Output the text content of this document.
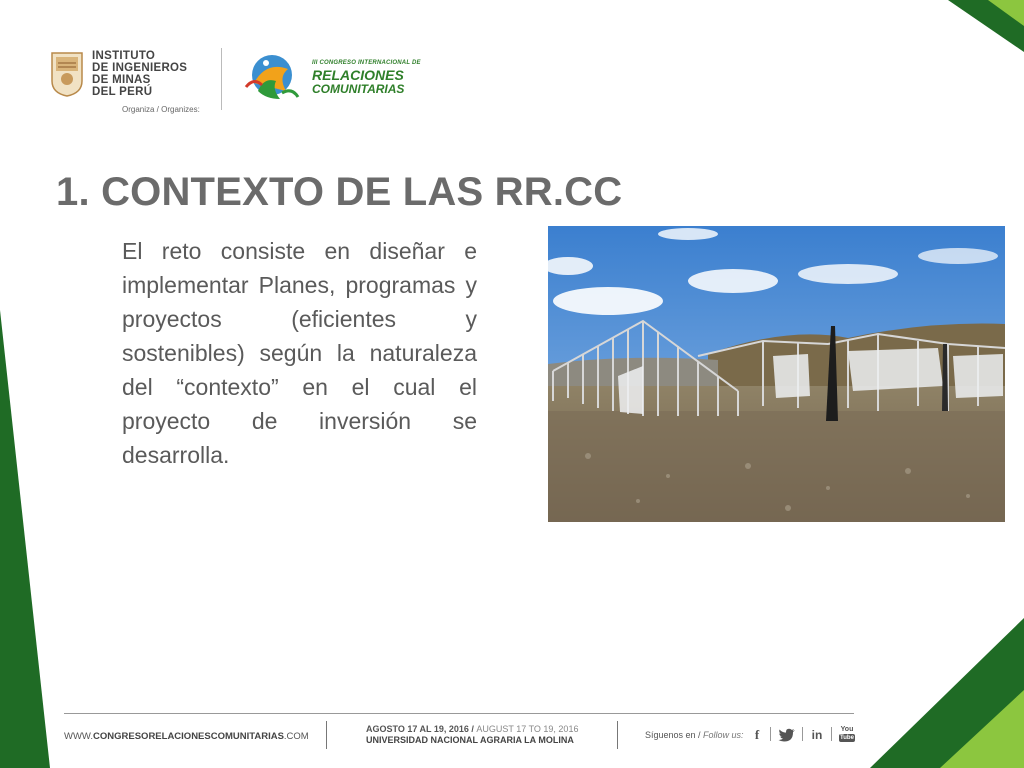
INSTITUTO
DE INGENIEROS
DE MINAS
DEL PERÚ
Organiza / Organizes:
III CONGRESO INTERNACIONAL DE
RELACIONES
COMUNITARIAS
1. CONTEXTO DE LAS RR.CC
El reto consiste en diseñar e implementar Planes, programas y proyectos (eficientes y sostenibles) según la naturaleza del “contexto” en el cual el proyecto de inversión se desarrolla.
WWW.CONGRESORELACIONESCOMUNITARIAS.COM
AGOSTO 17 AL 19, 2016 / AUGUST 17 TO 19, 2016
UNIVERSIDAD NACIONAL AGRARIA LA MOLINA	Síguenos en / Follow us: f	in	You
Tube
